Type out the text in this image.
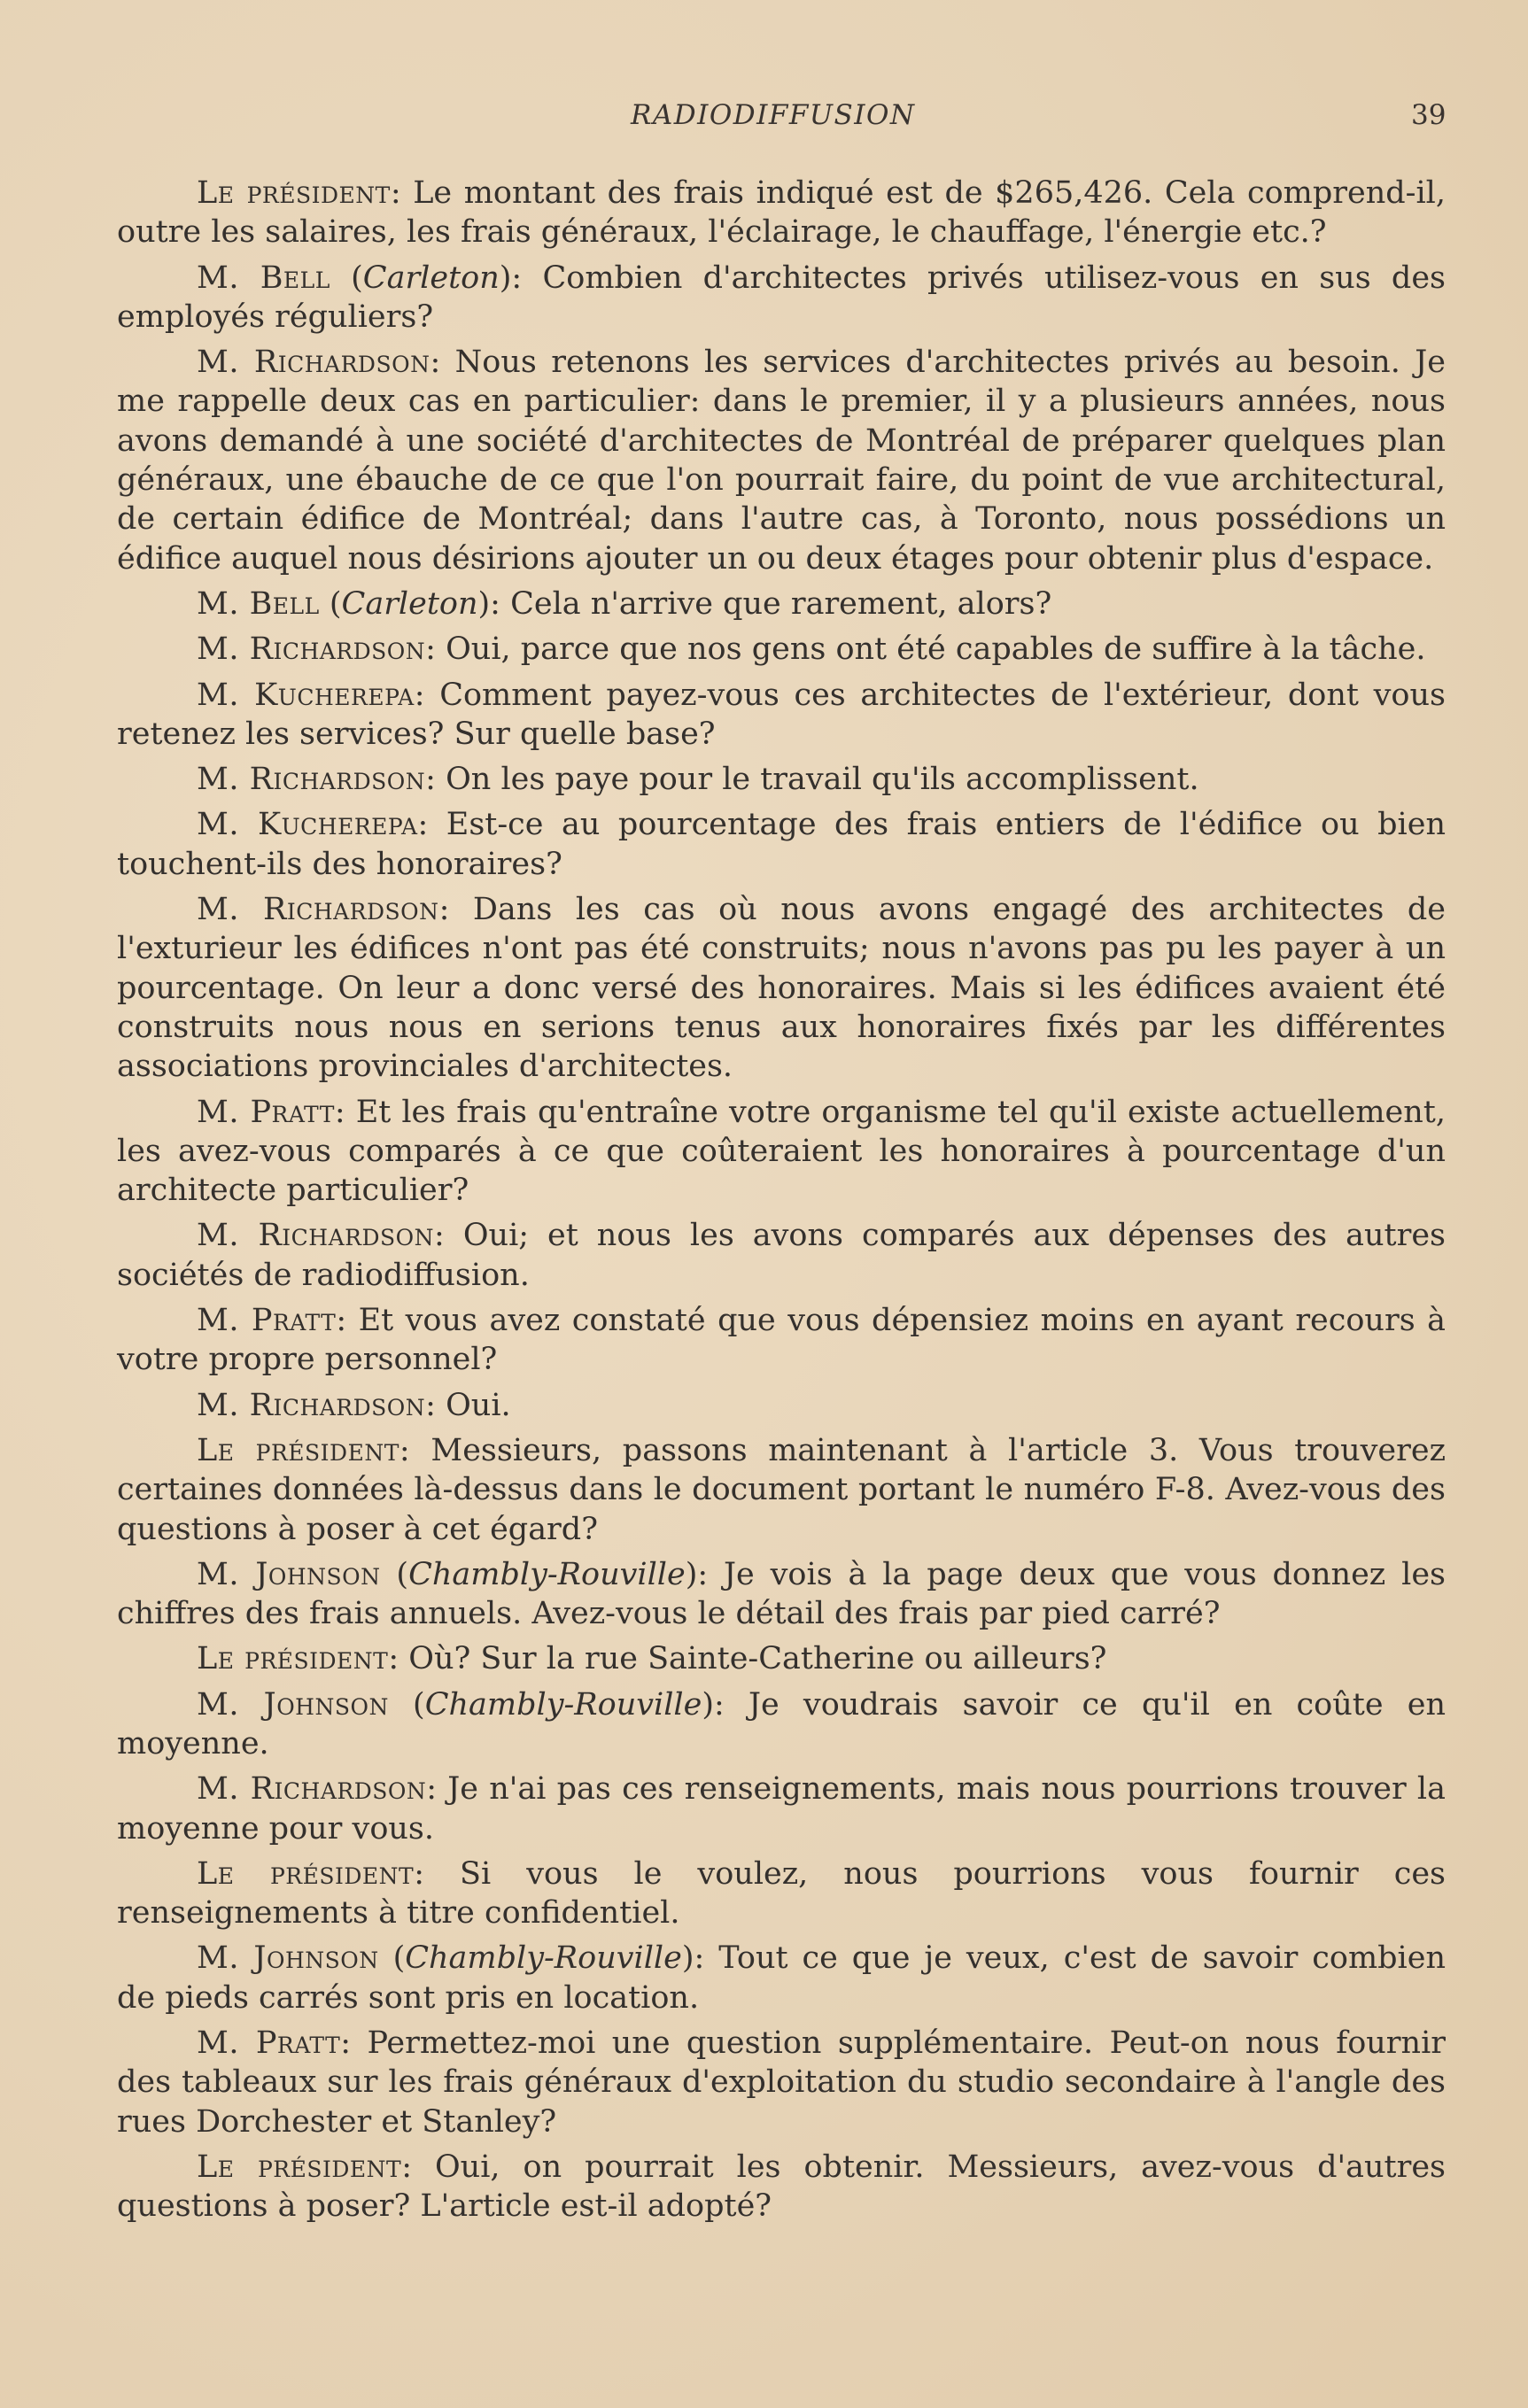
RADIODIFFUSION	39

Le président: Le montant des frais indiqué est de $265,426. Cela comprend-il, outre les salaires, les frais généraux, l'éclairage, le chauffage, l'énergie etc.?

M. Bell (Carleton): Combien d'architectes privés utilisez-vous en sus des employés réguliers?

M. Richardson: Nous retenons les services d'architectes privés au besoin. Je me rappelle deux cas en particulier: dans le premier, il y a plusieurs années, nous avons demandé à une société d'architectes de Montréal de préparer quelques plan généraux, une ébauche de ce que l'on pourrait faire, du point de vue architectural, de certain édifice de Montréal; dans l'autre cas, à Toronto, nous possédions un édifice auquel nous désirions ajouter un ou deux étages pour obtenir plus d'espace.

M. Bell (Carleton): Cela n'arrive que rarement, alors?

M. Richardson: Oui, parce que nos gens ont été capables de suffire à la tâche.

M. Kucherepa: Comment payez-vous ces architectes de l'extérieur, dont vous retenez les services? Sur quelle base?

M. Richardson: On les paye pour le travail qu'ils accomplissent.

M. Kucherepa: Est-ce au pourcentage des frais entiers de l'édifice ou bien touchent-ils des honoraires?

M. Richardson: Dans les cas où nous avons engagé des architectes de l'exturieur les édifices n'ont pas été construits; nous n'avons pas pu les payer à un pourcentage. On leur a donc versé des honoraires. Mais si les édifices avaient été construits nous nous en serions tenus aux honoraires fixés par les différentes associations provinciales d'architectes.

M. Pratt: Et les frais qu'entraîne votre organisme tel qu'il existe actuellement, les avez-vous comparés à ce que coûteraient les honoraires à pourcentage d'un architecte particulier?

M. Richardson: Oui; et nous les avons comparés aux dépenses des autres sociétés de radiodiffusion.

M. Pratt: Et vous avez constaté que vous dépensiez moins en ayant recours à votre propre personnel?

M. Richardson: Oui.

Le président: Messieurs, passons maintenant à l'article 3. Vous trouverez certaines données là-dessus dans le document portant le numéro F-8. Avez-vous des questions à poser à cet égard?

M. Johnson (Chambly-Rouville): Je vois à la page deux que vous donnez les chiffres des frais annuels. Avez-vous le détail des frais par pied carré?

Le président: Où? Sur la rue Sainte-Catherine ou ailleurs?

M. Johnson (Chambly-Rouville): Je voudrais savoir ce qu'il en coûte en moyenne.

M. Richardson: Je n'ai pas ces renseignements, mais nous pourrions trouver la moyenne pour vous.

Le président: Si vous le voulez, nous pourrions vous fournir ces renseignements à titre confidentiel.

M. Johnson (Chambly-Rouville): Tout ce que je veux, c'est de savoir combien de pieds carrés sont pris en location.

M. Pratt: Permettez-moi une question supplémentaire. Peut-on nous fournir des tableaux sur les frais généraux d'exploitation du studio secondaire à l'angle des rues Dorchester et Stanley?

Le président: Oui, on pourrait les obtenir. Messieurs, avez-vous d'autres questions à poser? L'article est-il adopté?
